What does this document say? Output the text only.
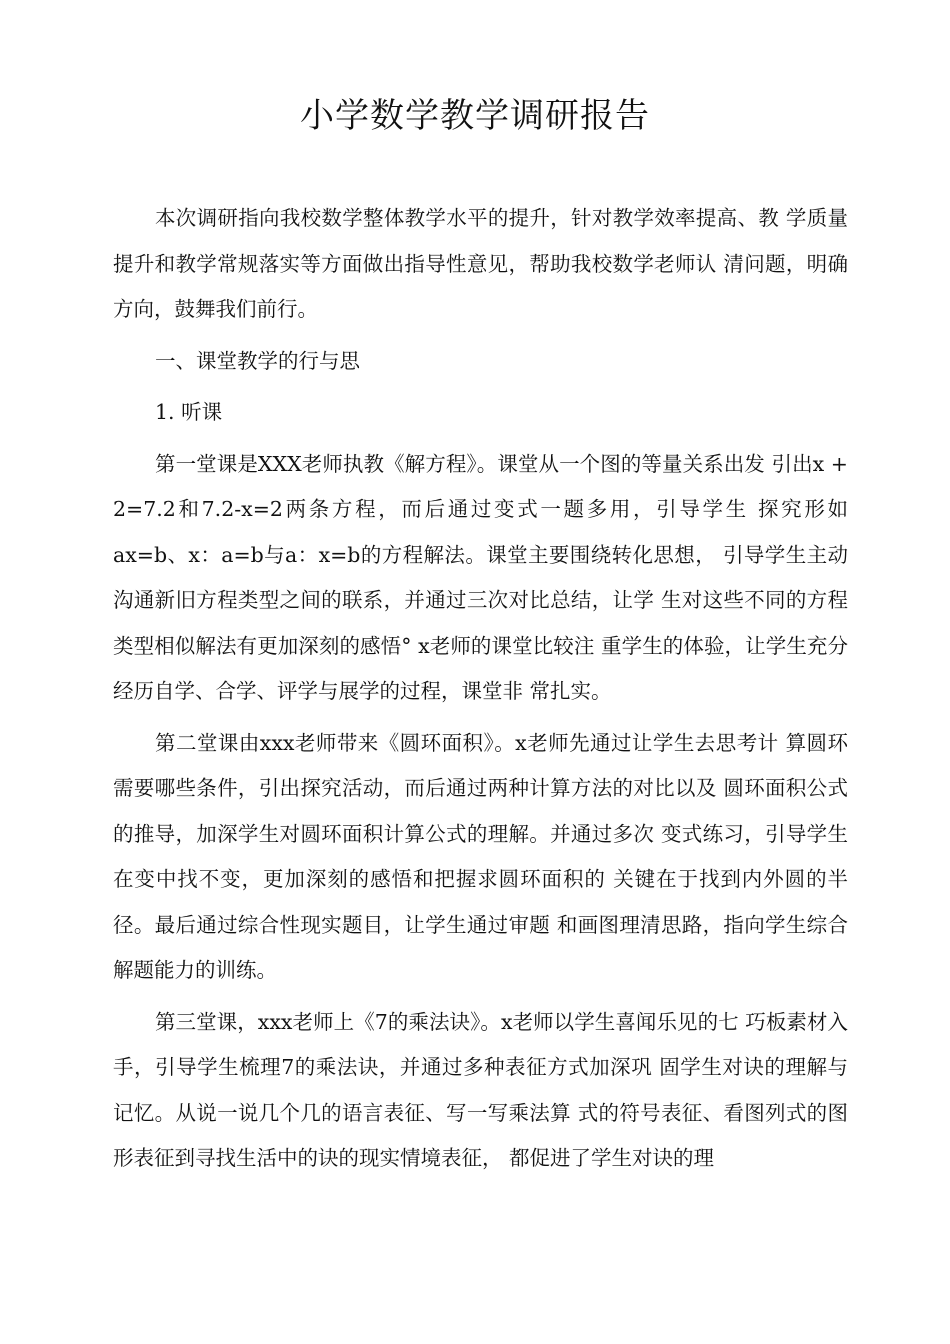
小学数学教学调研报告

本次调研指向我校数学整体教学水平的提升，针对教学效率提高、教 学质量提升和教学常规落实等方面做出指导性意见，帮助我校数学老师认 清问题，明确方向，鼓舞我们前行。

一、课堂教学的行与思

1. 听课

第一堂课是XXX老师执教《解方程》。课堂从一个图的等量关系出发 引出x + 2=7.2和7.2-x=2两条方程，而后通过变式一题多用，引导学生 探究形如ax=b、x：a=b与a：x=b的方程解法。课堂主要围绕转化思想， 引导学生主动沟通新旧方程类型之间的联系，并通过三次对比总结，让学 生对这些不同的方程类型相似解法有更加深刻的感悟° x老师的课堂比较注 重学生的体验，让学生充分经历自学、合学、评学与展学的过程，课堂非 常扎实。

第二堂课由xxx老师带来《圆环面积》。x老师先通过让学生去思考计 算圆环需要哪些条件，引出探究活动，而后通过两种计算方法的对比以及 圆环面积公式的推导，加深学生对圆环面积计算公式的理解。并通过多次 变式练习，引导学生在变中找不变，更加深刻的感悟和把握求圆环面积的 关键在于找到内外圆的半径。最后通过综合性现实题目，让学生通过审题 和画图理清思路，指向学生综合解题能力的训练。

第三堂课，xxx老师上《7的乘法诀》。x老师以学生喜闻乐见的七 巧板素材入手，引导学生梳理7的乘法诀，并通过多种表征方式加深巩 固学生对诀的理解与记忆。从说一说几个几的语言表征、写一写乘法算 式的符号表征、看图列式的图形表征到寻找生活中的诀的现实情境表征， 都促进了学生对诀的理
